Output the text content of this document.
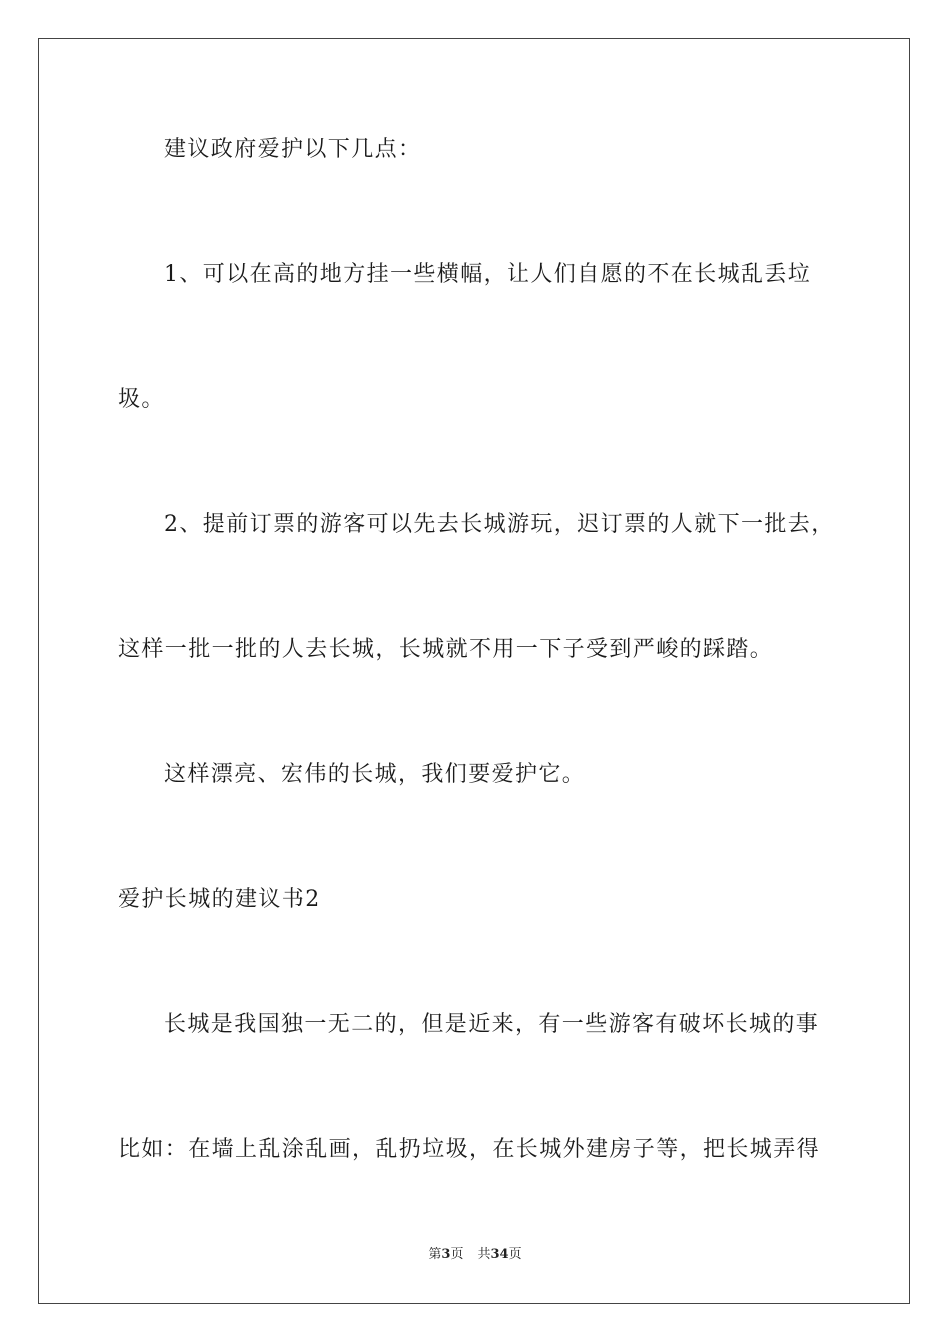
建议政府爱护以下几点：
1、可以在高的地方挂一些横幅，让人们自愿的不在长城乱丢垃
圾。
2、提前订票的游客可以先去长城游玩，迟订票的人就下一批去，
这样一批一批的人去长城，长城就不用一下子受到严峻的踩踏。
这样漂亮、宏伟的长城，我们要爱护它。
爱护长城的建议书2
长城是我国独一无二的，但是近来，有一些游客有破坏长城的事
比如：在墙上乱涂乱画，乱扔垃圾，在长城外建房子等，把长城弄得
第3页 共34页
